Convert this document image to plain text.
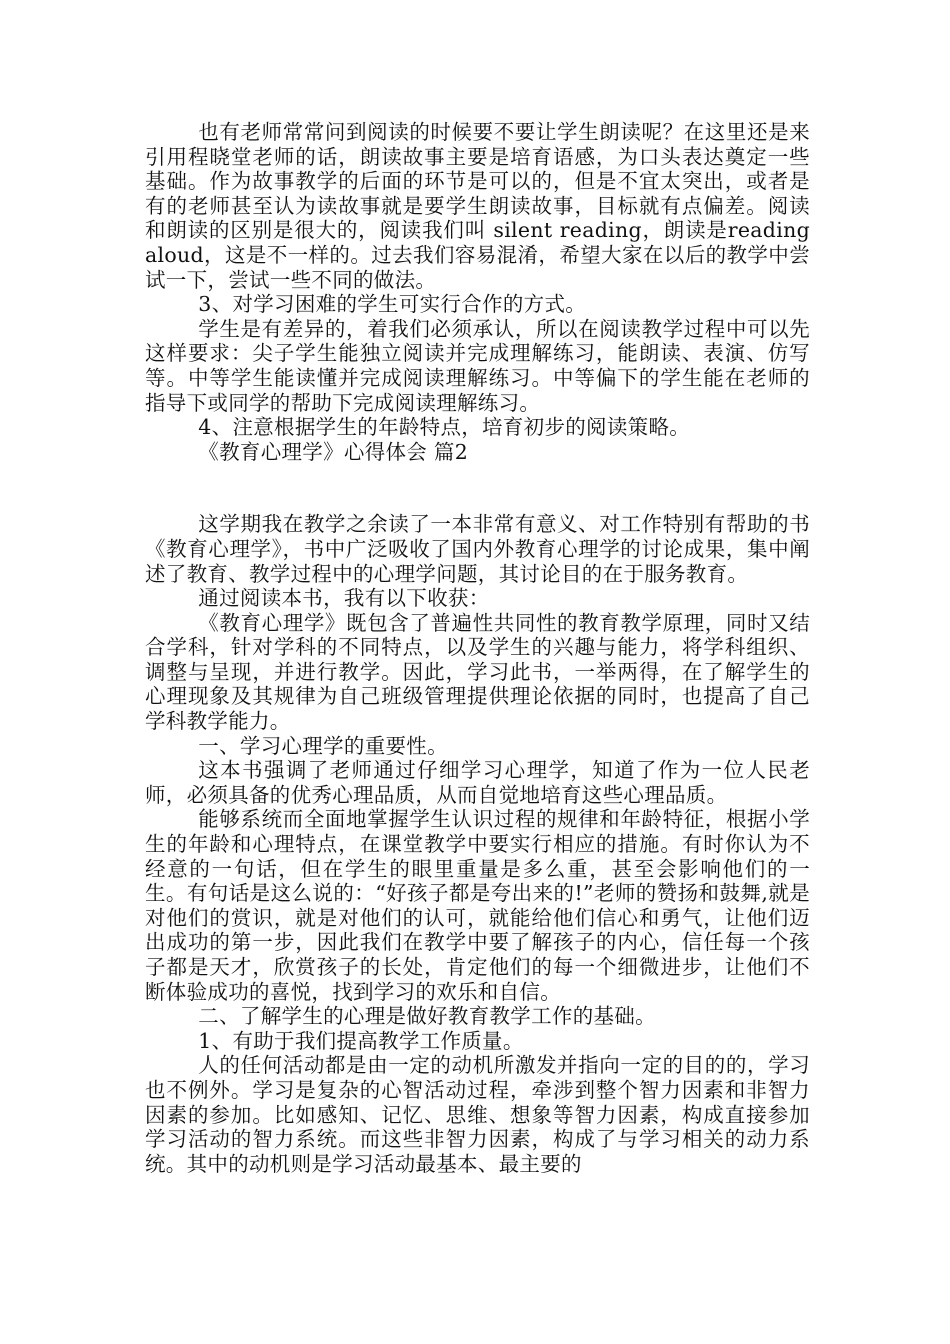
也有老师常常问到阅读的时候要不要让学生朗读呢？在这里还是来引用程晓堂老师的话，朗读故事主要是培育语感，为口头表达奠定一些基础。作为故事教学的后面的环节是可以的，但是不宜太突出，或者是有的老师甚至认为读故事就是要学生朗读故事，目标就有点偏差。阅读和朗读的区别是很大的，阅读我们叫 silent reading，朗读是reading aloud，这是不一样的。过去我们容易混淆，希望大家在以后的教学中尝试一下，尝试一些不同的做法。

3、对学习困难的学生可实行合作的方式。

学生是有差异的，着我们必须承认，所以在阅读教学过程中可以先这样要求：尖子学生能独立阅读并完成理解练习，能朗读、表演、仿写等。中等学生能读懂并完成阅读理解练习。中等偏下的学生能在老师的指导下或同学的帮助下完成阅读理解练习。

4、注意根据学生的年龄特点，培育初步的阅读策略。

《教育心理学》心得体会 篇2

这学期我在教学之余读了一本非常有意义、对工作特别有帮助的书《教育心理学》，书中广泛吸收了国内外教育心理学的讨论成果，集中阐述了教育、教学过程中的心理学问题，其讨论目的在于服务教育。

通过阅读本书，我有以下收获：

《教育心理学》既包含了普遍性共同性的教育教学原理，同时又结合学科，针对学科的不同特点，以及学生的兴趣与能力，将学科组织、调整与呈现，并进行教学。因此，学习此书，一举两得，在了解学生的心理现象及其规律为自己班级管理提供理论依据的同时，也提高了自己学科教学能力。

一、学习心理学的重要性。

这本书强调了老师通过仔细学习心理学，知道了作为一位人民老师，必须具备的优秀心理品质，从而自觉地培育这些心理品质。

能够系统而全面地掌握学生认识过程的规律和年龄特征，根据小学生的年龄和心理特点，在课堂教学中要实行相应的措施。有时你认为不经意的一句话，但在学生的眼里重量是多么重，甚至会影响他们的一生。有句话是这么说的：“好孩子都是夸出来的!”老师的赞扬和鼓舞,就是对他们的赏识，就是对他们的认可，就能给他们信心和勇气，让他们迈出成功的第一步，因此我们在教学中要了解孩子的内心，信任每一个孩子都是天才，欣赏孩子的长处，肯定他们的每一个细微进步，让他们不断体验成功的喜悦，找到学习的欢乐和自信。

二、了解学生的心理是做好教育教学工作的基础。

1、有助于我们提高教学工作质量。

人的任何活动都是由一定的动机所激发并指向一定的目的的，学习也不例外。学习是复杂的心智活动过程，牵涉到整个智力因素和非智力因素的参加。比如感知、记忆、思维、想象等智力因素，构成直接参加学习活动的智力系统。而这些非智力因素，构成了与学习相关的动力系统。其中的动机则是学习活动最基本、最主要的
